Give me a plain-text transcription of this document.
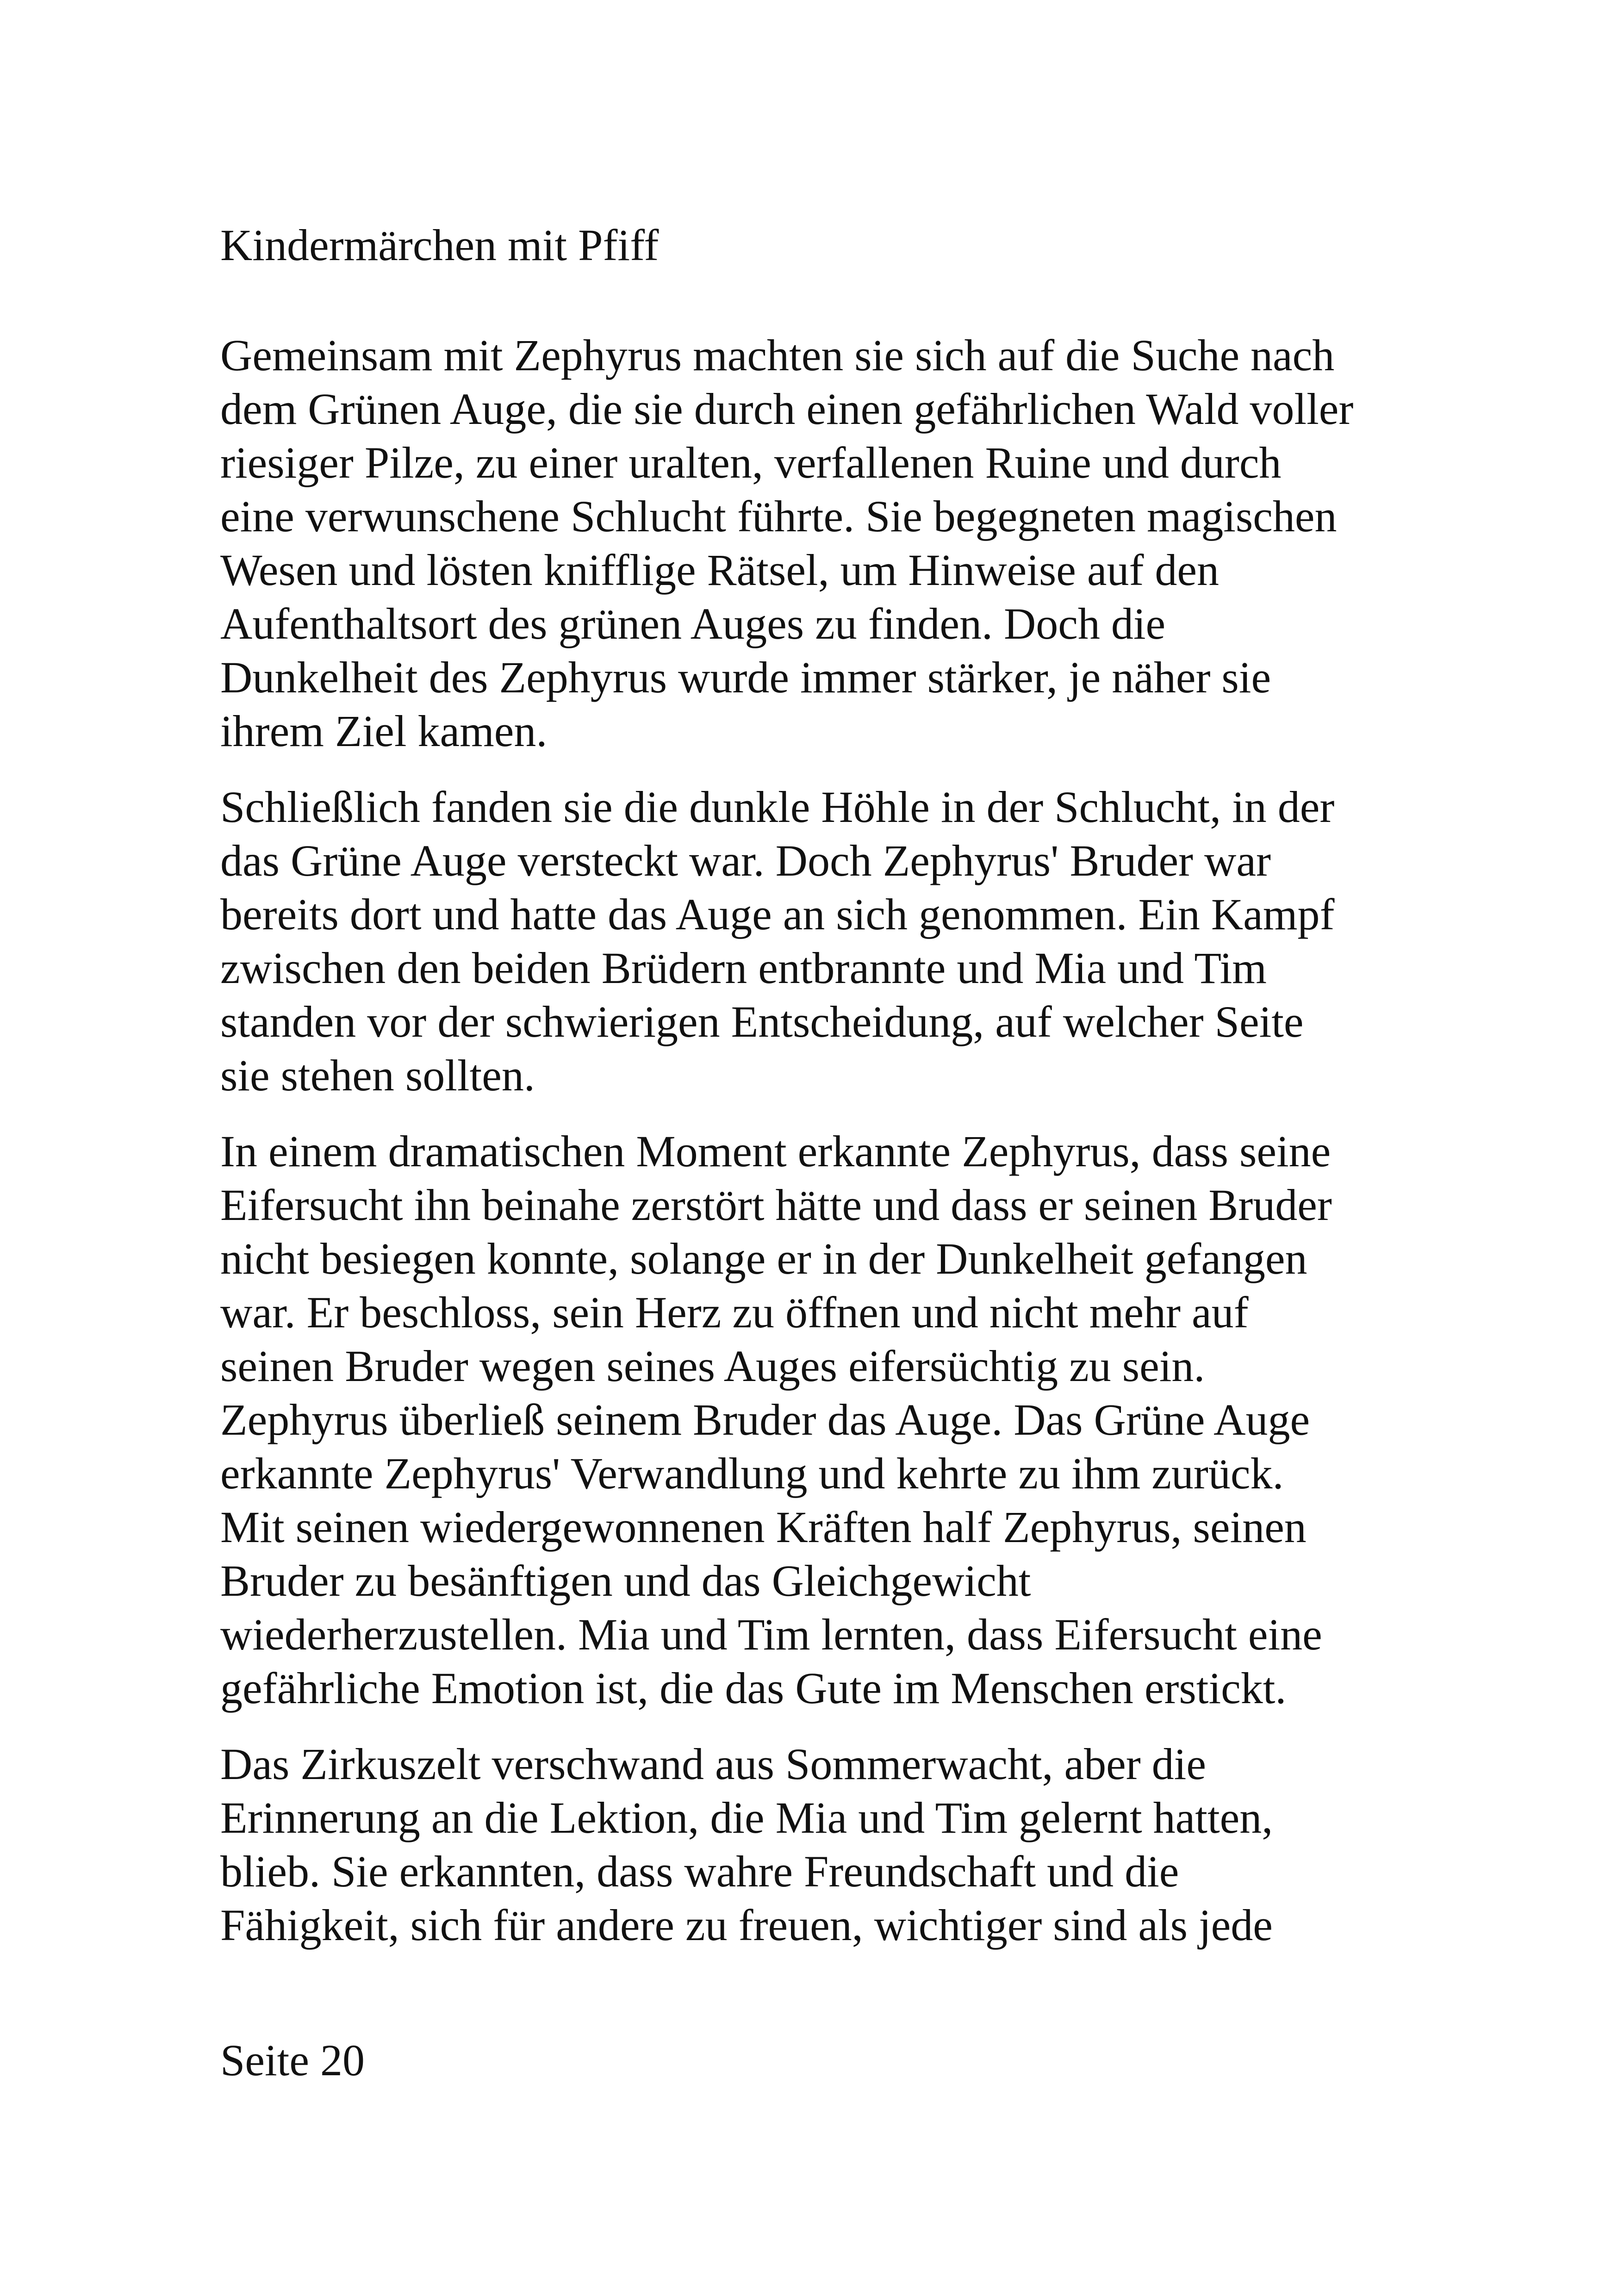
Kindermärchen mit Pfiff

Gemeinsam mit Zephyrus machten sie sich auf die Suche nach
dem Grünen Auge, die sie durch einen gefährlichen Wald voller
riesiger Pilze, zu einer uralten, verfallenen Ruine und durch
eine verwunschene Schlucht führte. Sie begegneten magischen
Wesen und lösten knifflige Rätsel, um Hinweise auf den
Aufenthaltsort des grünen Auges zu finden. Doch die
Dunkelheit des Zephyrus wurde immer stärker, je näher sie
ihrem Ziel kamen.

Schließlich fanden sie die dunkle Höhle in der Schlucht, in der
das Grüne Auge versteckt war. Doch Zephyrus' Bruder war
bereits dort und hatte das Auge an sich genommen. Ein Kampf
zwischen den beiden Brüdern entbrannte und Mia und Tim
standen vor der schwierigen Entscheidung, auf welcher Seite
sie stehen sollten.

In einem dramatischen Moment erkannte Zephyrus, dass seine
Eifersucht ihn beinahe zerstört hätte und dass er seinen Bruder
nicht besiegen konnte, solange er in der Dunkelheit gefangen
war. Er beschloss, sein Herz zu öffnen und nicht mehr auf
seinen Bruder wegen seines Auges eifersüchtig zu sein.
Zephyrus überließ seinem Bruder das Auge. Das Grüne Auge
erkannte Zephyrus' Verwandlung und kehrte zu ihm zurück.
Mit seinen wiedergewonnenen Kräften half Zephyrus, seinen
Bruder zu besänftigen und das Gleichgewicht
wiederherzustellen. Mia und Tim lernten, dass Eifersucht eine
gefährliche Emotion ist, die das Gute im Menschen erstickt.

Das Zirkuszelt verschwand aus Sommerwacht, aber die
Erinnerung an die Lektion, die Mia und Tim gelernt hatten,
blieb. Sie erkannten, dass wahre Freundschaft und die
Fähigkeit, sich für andere zu freuen, wichtiger sind als jede

Seite 20
